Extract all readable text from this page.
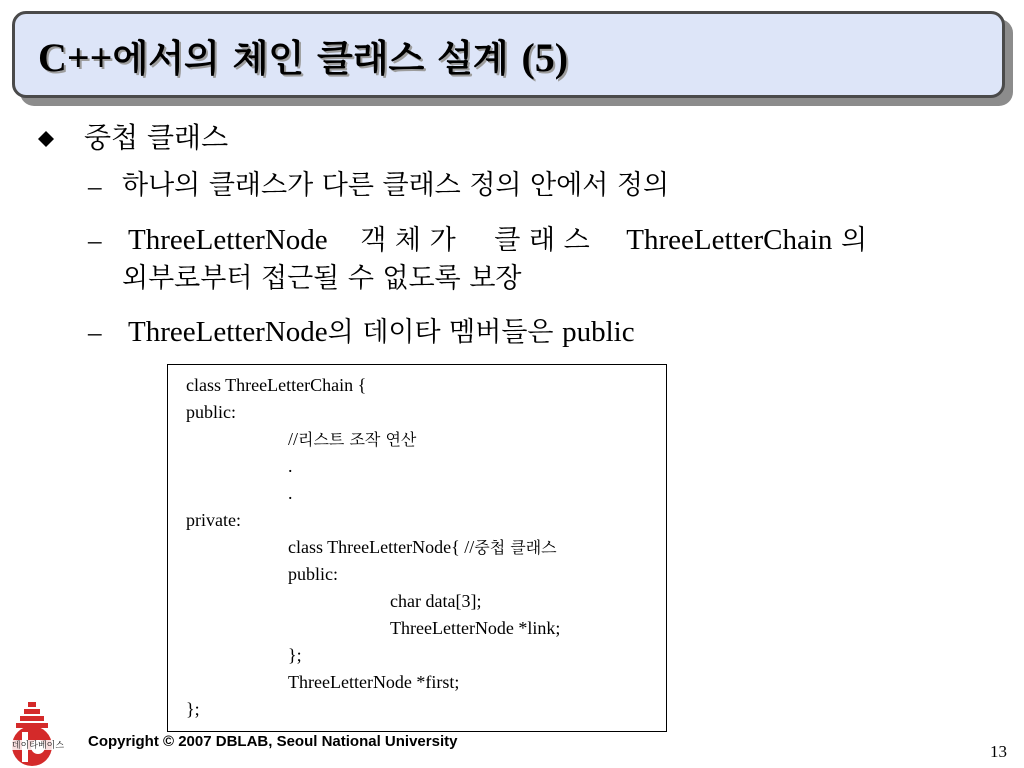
C++에서의 체인 클래스 설계 (5)
중첩 클래스
– 하나의 클래스가 다른 클래스 정의 안에서 정의
– ThreeLetterNode 객 체 가 클 래 스 ThreeLetterChain 의
외부로부터 접근될 수 없도록 보장
– ThreeLetterNode의 데이타 멤버들은 public
class ThreeLetterChain {
public:
//리스트 조작 연산
.
.
private:
class ThreeLetterNode{ //중첩 클래스
public:
char data[3];
ThreeLetterNode *link;
};
ThreeLetterNode *first;
};
데이타베이스 Copyright © 2007 DBLAB, Seoul National University
13
